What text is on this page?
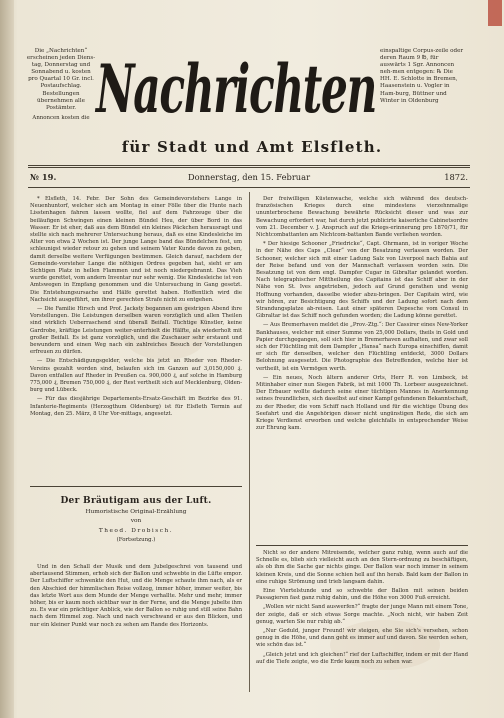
Die „Nachrichten“ erscheinen jeden Diens-tag, Donnerstag und Sonnabend u. kosten pro Quartal 10 Gr. incl. Postaufschlag. Bestellungen übernehmen alle Postämter.
Annoncen kosten die Nachrichten einspaltige Corpus-zeile oder deren Raum 9 ℔, für auswärts 1 Sgr. Annoncen neh-men entgegen: ℞ Die HH. E. Schlotte in Bremen, Haasenstein u. Vogler in Ham-burg, Büttner und Winter in Oldenburg
für Stadt und Amt Elsfleth.
№ 19.	Donnerstag, den 15. Februar	1872.

* Elsfleth, 14. Febr. Der Sohn des Gemeindevorstehers Lange in Neuenhuntorf, welcher sich am Montag in einer Fölle über die Hunte nach Lisstenhagen fahren lassen wollte, fiel auf dem Fahrzeuge über die beiläufigen Schwingen einen kleinen Bündel Heu, der über Bord in das Wasser. Er ist eher, daß aus dem Bündel ein kleines Päckchen herausragt und stellte sich nach mehrerer Untersuchung heraus, daß es eine Kindesleiche im Alter von etwa 2 Wochen ist. Der junge Lange band das Bündelchen fest, um schleunigst wieder retour zu gehen und seinem Vater Kunde davon zu geben, damit derselbe weitere Verfügungen bestimmen. Gleich darauf, nachdem der Gemeinde-vorsteher Lange die nöthigen Ordres gegeben hat, sieht er am Sichtigen Platz in hellen Flammen und ist noch niedergebrannt. Das Vieh wurde gerettet, vom andern Inventar nur sehr wenig. Die Kindesleiche ist von Amtswegen in Empfang genommen und die Untersuchung in Gang gesetzt. Die Entstehungsursache und Hälfe gerettet haben. Hoffentlich wird die Nachsicht ausgeführt, um ihrer gerechten Strafe nicht zu entgehen.

— Die Familie Hirsch und Prof. Jacksty begannen am gestrigen Abend ihre Vorstellungen. Die Leistungen derselben waren vorzüglich und allen Theilen sind wirklich Ueberraschend sind überall Beifall. Tüchtige Künstler, keine Gardrobe, kräftige Leistungen weiter-unterhielt die Hälfte, als wiederholt mit großer Beifall. Es ist ganz vorzüglich, und die Zuschauer sehr erstaunt und bewundern und einen Weg nach ein zahlreiches Besuch der Vorstellungen erfreuen zu dürfen.

— Die Entschädigungsgelder, welche bis jetzt an Rheder von Rheder-Vereins gezahlt worden sind, belaufen sich im Ganzen auf 3,0150,000 ₰. Davon entfallen auf Rheder in Preußen ca. 900,000 ₰, auf solche in Hamburg 775,000 ₰, Bremen 750,000 ₰, der Rest vertheilt sich auf Mecklenburg, Olden-burg und Lübeck.

— Für das diesjährige Departements-Ersatz-Geschäft im Bezirke des 91. Infanterie-Regiments (Herzogthum Oldenburg) ist für Elsfleth Termin auf Montag, den 25. März, 8 Uhr Vor-mittags, angesetzt.

Der Bräutigam aus der Luft.
Humoristische Original-Erzählung
von
Theod. Drobisch.
(Fortsetzung.)

Und in den Schall der Musik und dem Jubelgeschrei von tausend und abertausend Stimmen, erhob sich der Ballon und schwebte in die Lüfte empor. Der Luftschiffer schwenkte den Hut, und die Menge schaute ihm nach, als er den Abschied der himmlischen Reise vollzog, immer höher, immer weiter, bis das letzte Wort aus dem Munde der Menge verhallte. Mehr und mehr, immer höher, bis er kaum noch sichtbar war in der Ferne, und die Menge jubelte ihm zu. Es war ein prächtiger Anblick, wie der Ballon so ruhig und still seine Bahn nach dem Himmel zog. Nach und nach verschwand er aus den Blicken, und nur ein kleiner Punkt war noch zu sehen am Rande des Horizonts.

Der freiwilligen Küstenwache, welche sich während des deutsch-französischen Krieges durch eine mindestens vierzehnmalige ununterbrochene Bewachung bewährte Rücksicht dieser und was zur Bewachung erfordert war, hat durch jetzt publicirte kaiserliche Cabinetsordre vom 21. December v. J. Anspruch auf die Kriegs-erinnerung pro 1870/71, für Nichtcombattanten am Nichtcom-battanten Bande verliehen worden.

* Der hiesige Schooner „Friedricke“, Capt. Ohrmann, ist in voriger Woche in der Nähe des Caps „Clear“ von der Besatzung verlassen worden. Der Schooner, welcher sich mit einer Ladung Salz von Liverpool nach Bahia auf der Reise befand und von der Mannschaft verlassen worden sein. Die Besatzung ist von dem engl. Dampfer Cugar in Gibraltar gelandet worden. Nach telegraphischer Mittheilung des Capitains ist das Schiff aber in der Nähe von St. Ives angetrieben, jedoch auf Grund gerathen und wenig Hoffnung vorhanden, dasselbe wieder abzu-bringen. Der Capitain wird, wie wir hören, zur Besichtigung des Schiffs und der Ladung sofort nach dem Strandungsplatze ab-reisen. Laut einer späteren Depesche vom Consul in Gibraltar ist das Schiff noch gefunden worden; die Ladung könne gerettet.

— Aus Bremerhaven meldet die „Prov.-Ztg.“: Der Cassirer eines New-Yorker Bankhauses, welcher mit einer Summe von 25,000 Dollars, theils in Gold und Papier durchgegangen, soll sich hier in Bremerhaven aufhalten, und zwar soll sich der Flüchtling mit dem Dampfer „Hansa“ nach Europa einschiffen, damit er sich für denselben, welcher den Flüchtling entdeckt, 3000 Dollars Belohnung ausgesetzt. Die Photographie des Betreffenden, welche hier ist vertheilt, ist ein Vermögen werth.

— Ein neues, Noch ältern anderer Orts, Herr R. von Limbeck, ist Mitinhaber einer nun Siegen Fabrik, ist mit 1000 Th. Lorbeer ausgezeichnet. Der Erbauer wollte dadurch seine einer tüchtigen Mannes in Anerkennung seines freundlichen, sich daselbst auf einer Kampf gefundenen Bekanntschaft, zu der Rheder, die vom Schiff nach Holland und für die wichtige Übung des Seefahrt und die Angehörigen dieser nicht ungünstigen Rede, die sich am Kriege Verdienst erworben und welche gleichfalls in entsprechender Weise zur Ehrung kam.

Nicht so der andere Mitreisende, welcher ganz ruhig, wenn auch auf die Schnelle es, blieb sich vielleicht auch an den Stern-ordnung zu beschäftigen, als ob ihm die Sache gar nichts ginge. Der Ballon war noch immer in seinem kleinen Kreis, und die Sonne schien hell auf ihn herab. Bald kam der Ballon in eine ruhige Strömung und trieb langsam dahin.

Eine Viertelstunde und so schwebte der Ballon mit seinen beiden Passagieren fast ganz ruhig dahin, und die Höhe von 3000 Fuß erreicht.

„Wollen wir nicht Sand auswerfen?“ fragte der junge Mann mit einem Tone, der zeigte, daß er sich etwas Sorge machte. „Noch nicht, wir haben Zeit genug, warten Sie nur ruhig ab.“

„Nur Geduld, junger Freund! wir steigen, ehe Sie sich's versehen, schon genug in die Höhe, und dann geht es immer auf und davon. Sie werden sehen, wie schön das ist.“

„Gleich jetzt und ich gleichen!“ rief der Luftschiffer, indem er mit der Hand auf die Tiefe zeigte, wo die Erde kaum noch zu sehen war.
